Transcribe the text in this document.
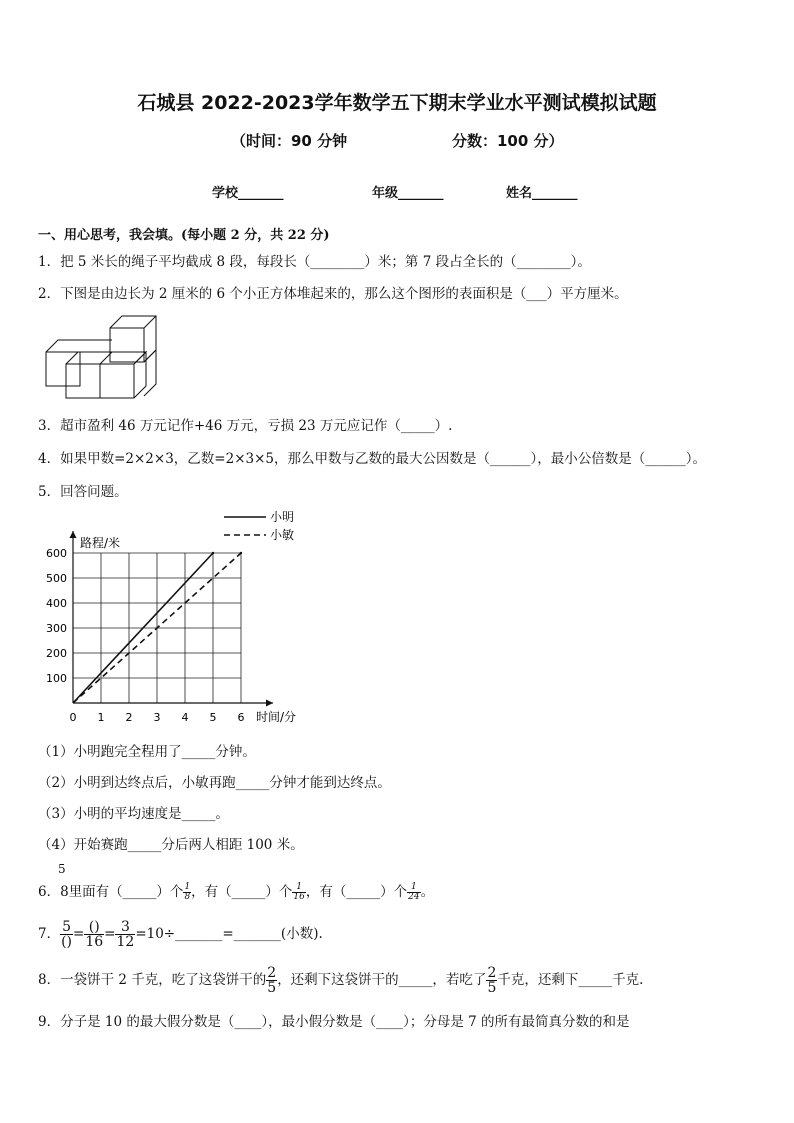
石城县 2022-2023学年数学五下期末学业水平测试模拟试题
（时间：90 分钟	分数：100 分）
学校_______	年级_______	姓名_______
一、用心思考，我会填。(每小题 2 分，共 22 分)
1．把 5 米长的绳子平均截成 8 段，每段长（________）米；第 7 段占全长的（________）。
2．下图是由边长为 2 厘米的 6 个小正方体堆起来的，那么这个图形的表面积是（___）平方厘米。
3．超市盈利 46 万元记作+46 万元，亏损 23 万元应记作（_____）.
4．如果甲数=2×2×3，乙数=2×3×5，那么甲数与乙数的最大公因数是（______），最小公倍数是（______）。
5．回答问题。
0 1 2 3 4 5 6
100
200
300
400
500
600
小明
小敏
路程/米
时间/分
（1）小明跑完全程用了_____分钟。
（2）小明到达终点后，小敏再跑_____分钟才能到达终点。
（3）小明的平均速度是_____。
（4）开始赛跑_____分后两人相距 100 米。
5
6．8里面有（_____）个 $\frac{1}{8}$ ，有（_____）个 $\frac{1}{16}$ ，有（_____）个 $\frac{1}{24}$ 。
7． $\frac{5}{()} = \frac{()}{16} = \frac{3}{12}$ =10÷_______=_______(小数).
8．一袋饼干 2 千克，吃了这袋饼干的 $\frac{2}{5}$ ，还剩下这袋饼干的_____，若吃了 $\frac{2}{5}$ 千克，还剩下_____千克.
9．分子是 10 的最大假分数是（____），最小假分数是（____）；分母是 7 的所有最简真分数的和是
